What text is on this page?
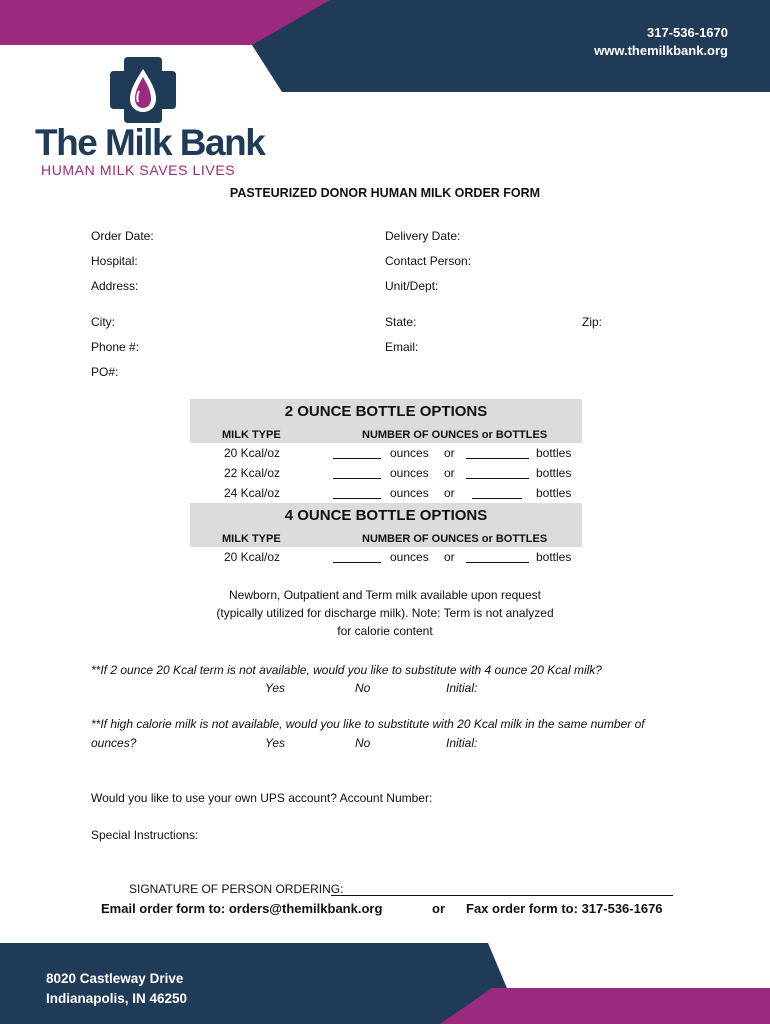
317-536-1670
www.themilkbank.org
The Milk Bank
HUMAN MILK SAVES LIVES
PASTEURIZED DONOR HUMAN MILK ORDER FORM
Order Date:	Delivery Date:
Hospital:	Contact Person:
Address:	Unit/Dept:
City:	State:	Zip:
Phone #:	Email:
PO#:
2 OUNCE BOTTLE OPTIONS
MILK TYPE	NUMBER OF OUNCES or BOTTLES
20 Kcal/oz	ounces or	bottles
22 Kcal/oz	ounces or	bottles
24 Kcal/oz	ounces or	bottles
4 OUNCE BOTTLE OPTIONS
MILK TYPE	NUMBER OF OUNCES or BOTTLES
20 Kcal/oz	ounces or	bottles
Newborn, Outpatient and Term milk available upon request
(typically utilized for discharge milk). Note: Term is not analyzed
for calorie content
**If 2 ounce 20 Kcal term is not available, would you like to substitute with 4 ounce 20 Kcal milk?
Yes	No	Initial:
**If high calorie milk is not available, would you like to substitute with 20 Kcal milk in the same number of
ounces?	Yes	No	Initial:
Would you like to use your own UPS account? Account Number:
Special Instructions:
SIGNATURE OF PERSON ORDERING:
Email order form to: orders@themilkbank.org	or Fax order form to: 317-536-1676
8020 Castleway Drive
Indianapolis, IN 46250
